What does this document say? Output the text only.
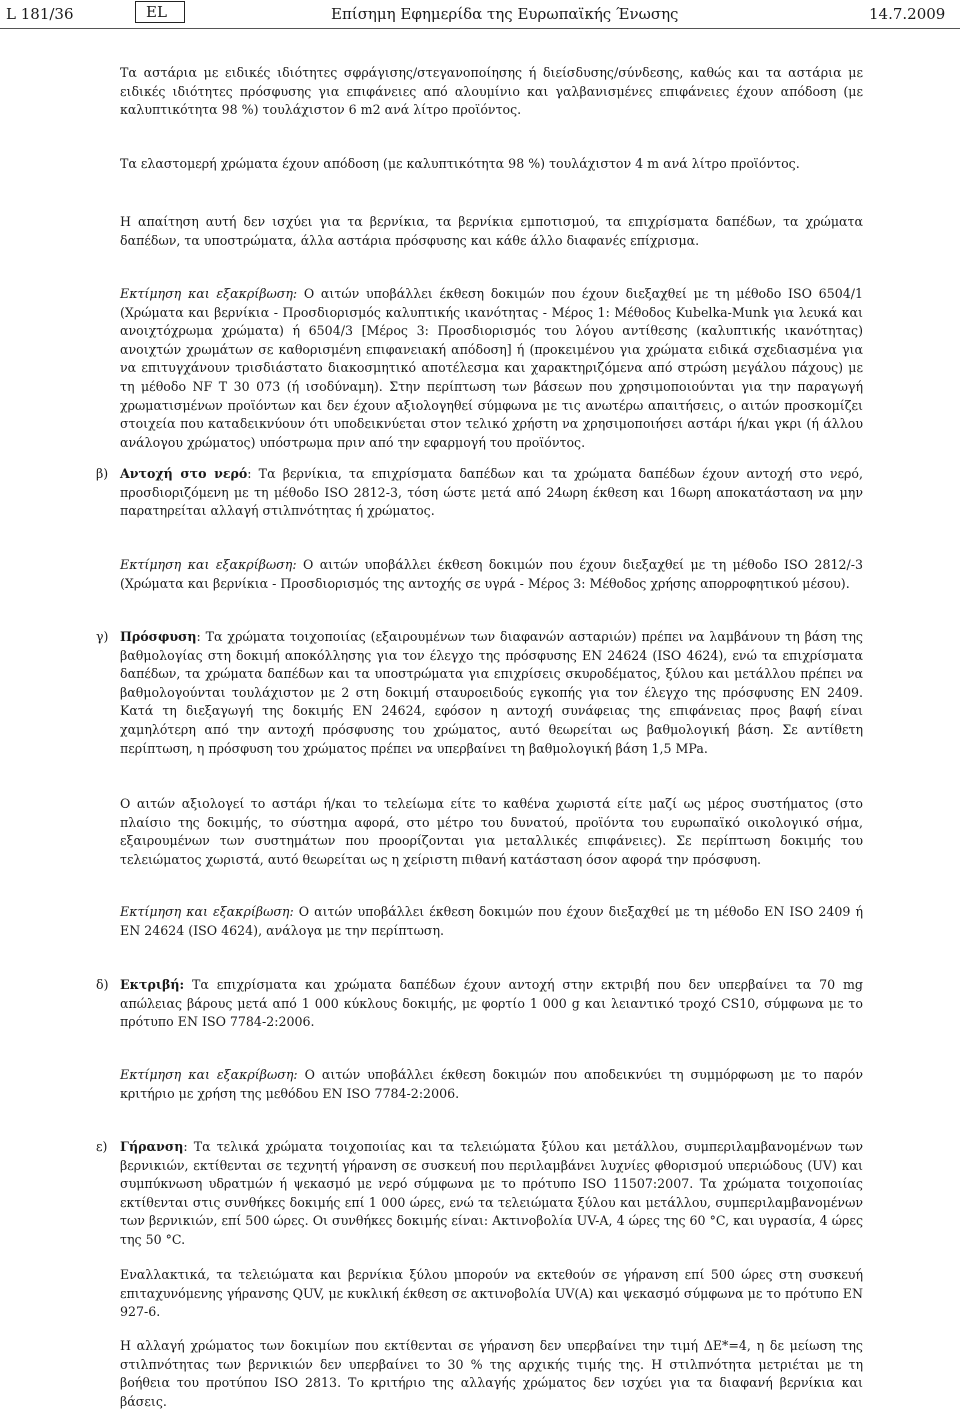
L 181/36	EL	Επίσημη Εφημερίδα της Ευρωπαϊκής Ένωσης	14.7.2009

Τα αστάρια με ειδικές ιδιότητες σφράγισης/στεγανοποίησης ή διείσδυσης/σύνδεσης, καθώς και τα αστάρια με ειδικές ιδιότητες πρόσφυσης για επιφάνειες από αλουμίνιο και γαλβανισμένες επιφάνειες έχουν απόδοση (με καλυπτικότητα 98 %) τουλάχιστον 6 m2 ανά λίτρο προϊόντος.

Τα ελαστομερή χρώματα έχουν απόδοση (με καλυπτικότητα 98 %) τουλάχιστον 4 m ανά λίτρο προϊόντος.

Η απαίτηση αυτή δεν ισχύει για τα βερνίκια, τα βερνίκια εμποτισμού, τα επιχρίσματα δαπέδων, τα χρώματα δαπέδων, τα υποστρώματα, άλλα αστάρια πρόσφυσης και κάθε άλλο διαφανές επίχρισμα.

Εκτίμηση και εξακρίβωση: Ο αιτών υποβάλλει έκθεση δοκιμών που έχουν διεξαχθεί με τη μέθοδο ISO 6504/1 (Χρώματα και βερνίκια - Προσδιορισμός καλυπτικής ικανότητας - Μέρος 1: Μέθοδος Kubelka-Munk για λευκά και ανοιχτόχρωμα χρώματα) ή 6504/3 [Μέρος 3: Προσδιορισμός του λόγου αντίθεσης (καλυπτικής ικανότητας) ανοιχτών χρωμάτων σε καθορισμένη επιφανειακή απόδοση] ή (προκειμένου για χρώματα ειδικά σχεδιασμένα για να επιτυγχάνουν τρισδιάστατο διακοσμητικό αποτέλεσμα και χαρακτηριζόμενα από στρώση μεγάλου πάχους) με τη μέθοδο NF T 30 073 (ή ισοδύναμη). Στην περίπτωση των βάσεων που χρησιμοποιούνται για την παραγωγή χρωματισμένων προϊόντων και δεν έχουν αξιολογηθεί σύμφωνα με τις ανωτέρω απαιτήσεις, ο αιτών προσκομίζει στοιχεία που καταδεικνύουν ότι υποδεικνύεται στον τελικό χρήστη να χρησιμοποιήσει αστάρι ή/και γκρι (ή άλλου ανάλογου χρώματος) υπόστρωμα πριν από την εφαρμογή του προϊόντος.

β) Αντοχή στο νερό: Τα βερνίκια, τα επιχρίσματα δαπέδων και τα χρώματα δαπέδων έχουν αντοχή στο νερό, προσδιοριζόμενη με τη μέθοδο ISO 2812-3, τόση ώστε μετά από 24ωρη έκθεση και 16ωρη αποκατάσταση να μην παρατηρείται αλλαγή στιλπνότητας ή χρώματος.

Εκτίμηση και εξακρίβωση: Ο αιτών υποβάλλει έκθεση δοκιμών που έχουν διεξαχθεί με τη μέθοδο ISO 2812/-3 (Χρώματα και βερνίκια - Προσδιορισμός της αντοχής σε υγρά - Μέρος 3: Μέθοδος χρήσης απορροφητικού μέσου).

γ) Πρόσφυση: Τα χρώματα τοιχοποιίας (εξαιρουμένων των διαφανών ασταριών) πρέπει να λαμβάνουν τη βάση της βαθμολογίας στη δοκιμή αποκόλλησης για τον έλεγχο της πρόσφυσης EN 24624 (ISO 4624), ενώ τα επιχρίσματα δαπέδων, τα χρώματα δαπέδων και τα υποστρώματα για επιχρίσεις σκυροδέματος, ξύλου και μετάλλου πρέπει να βαθμολογούνται τουλάχιστον με 2 στη δοκιμή σταυροειδούς εγκοπής για τον έλεγχο της πρόσφυσης EN 2409. Κατά τη διεξαγωγή της δοκιμής EN 24624, εφόσον η αντοχή συνάφειας της επιφάνειας προς βαφή είναι χαμηλότερη από την αντοχή πρόσφυσης του χρώματος, αυτό θεωρείται ως βαθμολογική βάση. Σε αντίθετη περίπτωση, η πρόσφυση του χρώματος πρέπει να υπερβαίνει τη βαθμολογική βάση 1,5 MPa.

Ο αιτών αξιολογεί το αστάρι ή/και το τελείωμα είτε το καθένα χωριστά είτε μαζί ως μέρος συστήματος (στο πλαίσιο της δοκιμής, το σύστημα αφορά, στο μέτρο του δυνατού, προϊόντα του ευρωπαϊκό οικολογικό σήμα, εξαιρουμένων των συστημάτων που προορίζονται για μεταλλικές επιφάνειες). Σε περίπτωση δοκιμής του τελειώματος χωριστά, αυτό θεωρείται ως η χείριστη πιθανή κατάσταση όσον αφορά την πρόσφυση.

Εκτίμηση και εξακρίβωση: Ο αιτών υποβάλλει έκθεση δοκιμών που έχουν διεξαχθεί με τη μέθοδο EN ISO 2409 ή EN 24624 (ISO 4624), ανάλογα με την περίπτωση.

δ) Εκτριβή: Τα επιχρίσματα και χρώματα δαπέδων έχουν αντοχή στην εκτριβή που δεν υπερβαίνει τα 70 mg απώλειας βάρους μετά από 1 000 κύκλους δοκιμής, με φορτίο 1 000 g και λειαντικό τροχό CS10, σύμφωνα με το πρότυπο EN ISO 7784-2:2006.

Εκτίμηση και εξακρίβωση: Ο αιτών υποβάλλει έκθεση δοκιμών που αποδεικνύει τη συμμόρφωση με το παρόν κριτήριο με χρήση της μεθόδου EN ISO 7784-2:2006.

ε) Γήρανση: Τα τελικά χρώματα τοιχοποιίας και τα τελειώματα ξύλου και μετάλλου, συμπεριλαμβανομένων των βερνικιών, εκτίθενται σε τεχνητή γήρανση σε συσκευή που περιλαμβάνει λυχνίες φθορισμού υπεριώδους (UV) και συμπύκνωση υδρατμών ή ψεκασμό με νερό σύμφωνα με το πρότυπο ISO 11507:2007. Τα χρώματα τοιχοποιίας εκτίθενται στις συνθήκες δοκιμής επί 1 000 ώρες, ενώ τα τελειώματα ξύλου και μετάλλου, συμπεριλαμβανομένων των βερνικιών, επί 500 ώρες. Οι συνθήκες δοκιμής είναι: Ακτινοβολία UV-A, 4 ώρες της 60 °C, και υγρασία, 4 ώρες της 50 °C.

Εναλλακτικά, τα τελειώματα και βερνίκια ξύλου μπορούν να εκτεθούν σε γήρανση επί 500 ώρες στη συσκευή επιταχυνόμενης γήρανσης QUV, με κυκλική έκθεση σε ακτινοβολία UV(A) και ψεκασμό σύμφωνα με το πρότυπο EN 927-6.

Η αλλαγή χρώματος των δοκιμίων που εκτίθενται σε γήρανση δεν υπερβαίνει την τιμή ΔΕ*=4, η δε μείωση της στιλπνότητας των βερνικιών δεν υπερβαίνει το 30 % της αρχικής τιμής της. Η στιλπνότητα μετριέται με τη βοήθεια του προτύπου ISO 2813. Το κριτήριο της αλλαγής χρώματος δεν ισχύει για τα διαφανή βερνίκια και βάσεις.
